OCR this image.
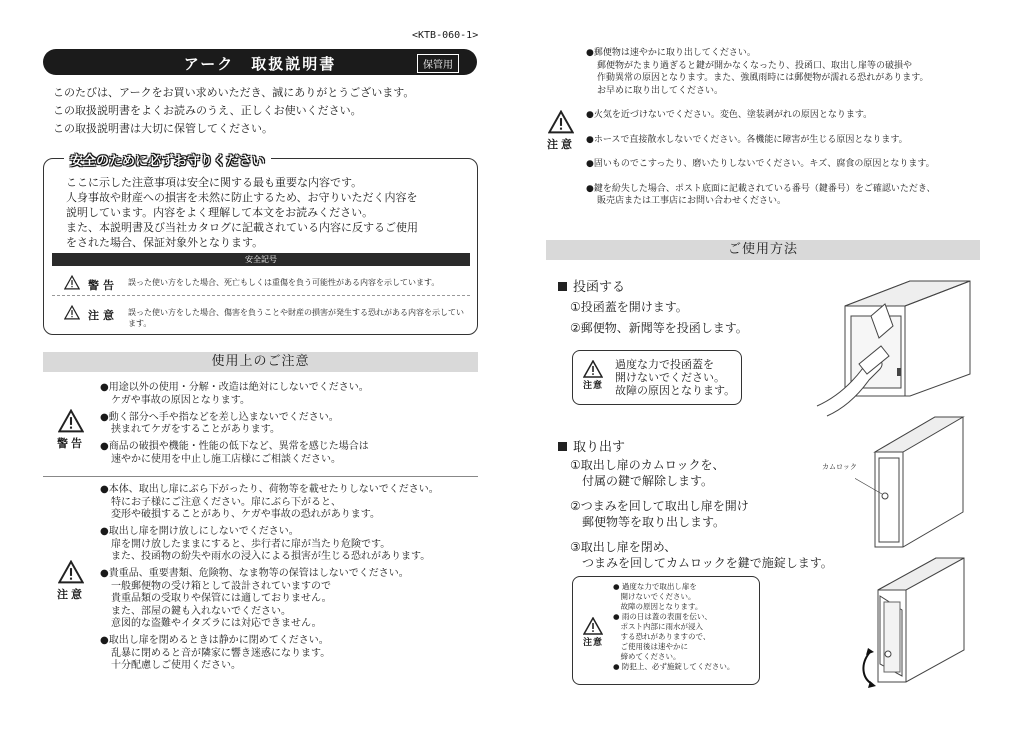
<KTB-060-1>
アーク　取扱説明書	保管用
このたびは、アークをお買い求めいただき、誠にありがとうございます。
この取扱説明書をよくお読みのうえ、正しくお使いください。
この取扱説明書は大切に保管してください。
安全のために必ずお守りください
ここに示した注意事項は安全に関する最も重要な内容です。
人身事故や財産への損害を未然に防止するため、お守りいただく内容を
説明しています。内容をよく理解して本文をお読みください。
また、本説明書及び当社カタログに記載されている内容に反するご使用
をされた場合、保証対象外となります。
安全記号
警告 誤った使い方をした場合、死亡もしくは重傷を負う可能性がある内容を示しています。
注意 誤った使い方をした場合、傷害を負うことや財産の損害が発生する恐れがある内容を示しています。
使用上のご注意
警告
●用途以外の使用・分解・改造は絶対にしないでください。
ケガや事故の原因となります。
●動く部分へ手や指などを差し込まないでください。
挟まれてケガをすることがあります。
●商品の破損や機能・性能の低下など、異常を感じた場合は
速やかに使用を中止し施工店様にご相談ください。
注意
●本体、取出し扉にぶら下がったり、荷物等を載せたりしないでください。
特にお子様にご注意ください。扉にぶら下がると、
変形や破損することがあり、ケガや事故の恐れがあります。
●取出し扉を開け放しにしないでください。
扉を開け放したままにすると、歩行者に扉が当たり危険です。
また、投函物の紛失や雨水の浸入による損害が生じる恐れがあります。
●貴重品、重要書類、危険物、なま物等の保管はしないでください。
一般郵便物の受け箱として設計されていますので
貴重品類の受取りや保管には適しておりません。
また、部屋の鍵も入れないでください。
意図的な盗難やイタズラには対応できません。
●取出し扉を閉めるときは静かに閉めてください。
乱暴に閉めると音が隣家に響き迷惑になります。
十分配慮しご使用ください。
注意
●郵便物は速やかに取り出してください。
郵便物がたまり過ぎると鍵が開かなくなったり、投函口、取出し扉等の破損や
作動異常の原因となります。また、強風雨時には郵便物が濡れる恐れがあります。
お早めに取り出してください。
●火気を近づけないでください。変色、塗装剥がれの原因となります。
●ホースで直接散水しないでください。各機能に障害が生じる原因となります。
●固いものでこすったり、磨いたりしないでください。キズ、腐食の原因となります。
●鍵を紛失した場合、ポスト底面に記載されている番号（鍵番号）をご確認いただき、
販売店または工事店にお問い合わせください。
ご使用方法
投函する
①投函蓋を開けます。
②郵便物、新聞等を投函します。
注意
過度な力で投函蓋を
開けないでください。
故障の原因となります。
取り出す
①取出し扉のカムロックを、
　付属の鍵で解除します。
②つまみを回して取出し扉を開け
　郵便物等を取り出します。
③取出し扉を閉め、
　つまみを回してカムロックを鍵で施錠します。
カムロック
注意
● 過度な力で取出し扉を
　開けないでください。
　故障の原因となります。
● 雨の日は蓋の表面を伝い、
　ポスト内部に雨水が浸入
　する恐れがありますので、
　ご使用後は速やかに
　締めてください。
● 防犯上、必ず施錠してください。
